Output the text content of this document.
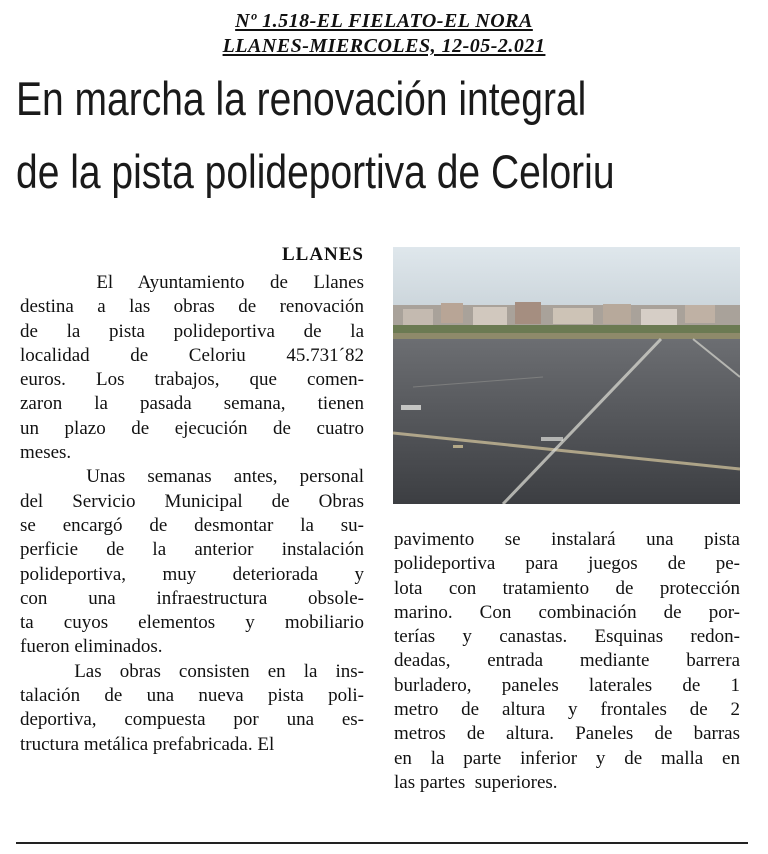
Nº 1.518-EL FIELATO-EL NORA
LLANES-MIERCOLES, 12-05-2.021
En marcha la renovación integral
de la pista polideportiva de Celoriu
LLANES
El Ayuntamiento de Llanes
destina a las obras de renovación
de la pista polideportiva de la
localidad de Celoriu 45.731´82
euros. Los trabajos, que comen-
zaron la pasada semana, tienen
un plazo de ejecución de cuatro
meses.
Unas semanas antes, personal
del Servicio Municipal de Obras
se encargó de desmontar la su-
perficie de la anterior instalación
polideportiva, muy deteriorada y
con una infraestructura obsole-
ta cuyos elementos y mobiliario
fueron eliminados.
Las obras consisten en la ins-
talación de una nueva pista poli-
deportiva, compuesta por una es-
tructura metálica prefabricada. El
pavimento se instalará una pista
polideportiva para juegos de pe-
lota con tratamiento de protección
marino. Con combinación de por-
terías y canastas. Esquinas redon-
deadas, entrada mediante barrera
burladero, paneles laterales de 1
metro de altura y frontales de 2
metros de altura. Paneles de barras
en la parte inferior y de malla en
las partes  superiores.
